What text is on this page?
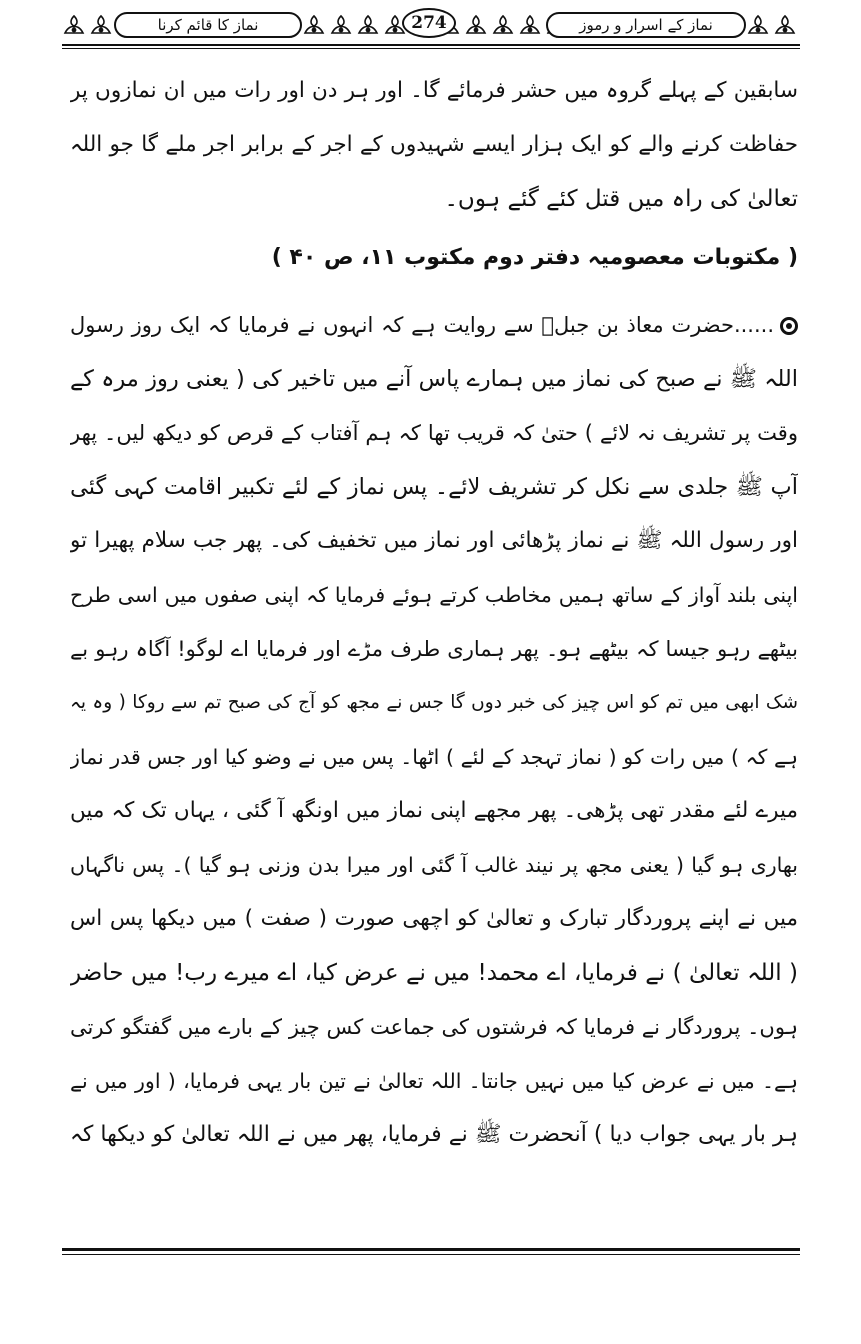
نماز کے اسرار و رموز
نماز کا قائم کرنا	274
سابقین کے پہلے گروہ میں حشر فرمائے گا۔ اور ہر دن اور رات میں ان نمازوں پر
حفاظت کرنے والے کو ایک ہزار ایسے شہیدوں کے اجر کے برابر اجر ملے گا جو اللہ
تعالیٰ کی راہ میں قتل کئے گئے ہوں۔
( مکتوبات معصومیہ دفتر دوم مکتوب ۱۱، ص ۴۰ )
......حضرت معاذ بن جبلؓ سے روایت ہے کہ انہوں نے فرمایا کہ ایک روز رسول
اللہ ﷺ نے صبح کی نماز میں ہمارے پاس آنے میں تاخیر کی ( یعنی روز مرہ کے
وقت پر تشریف نہ لائے ) حتیٰ کہ قریب تھا کہ ہم آفتاب کے قرص کو دیکھ لیں۔ پھر
آپ ﷺ جلدی سے نکل کر تشریف لائے۔ پس نماز کے لئے تکبیر اقامت کہی گئی
اور رسول اللہ ﷺ نے نماز پڑھائی اور نماز میں تخفیف کی۔ پھر جب سلام پھیرا تو
اپنی بلند آواز کے ساتھ ہمیں مخاطب کرتے ہوئے فرمایا کہ اپنی صفوں میں اسی طرح
بیٹھے رہو جیسا کہ بیٹھے ہو۔ پھر ہماری طرف مڑے اور فرمایا اے لوگو! آگاہ رہو بے
شک ابھی میں تم کو اس چیز کی خبر دوں گا جس نے مجھ کو آج کی صبح تم سے روکا ( وہ یہ
ہے کہ ) میں رات کو ( نماز تہجد کے لئے ) اٹھا۔ پس میں نے وضو کیا اور جس قدر نماز
میرے لئے مقدر تھی پڑھی۔ پھر مجھے اپنی نماز میں اونگھ آ گئی ، یہاں تک کہ میں
بھاری ہو گیا ( یعنی مجھ پر نیند غالب آ گئی اور میرا بدن وزنی ہو گیا )۔ پس ناگہاں
میں نے اپنے پروردگار تبارک و تعالیٰ کو اچھی صورت ( صفت ) میں دیکھا پس اس
( اللہ تعالیٰ ) نے فرمایا، اے محمد! میں نے عرض کیا، اے میرے رب! میں حاضر
ہوں۔ پروردگار نے فرمایا کہ فرشتوں کی جماعت کس چیز کے بارے میں گفتگو کرتی
ہے۔ میں نے عرض کیا میں نہیں جانتا۔ اللہ تعالیٰ نے تین بار یہی فرمایا، ( اور میں نے
ہر بار یہی جواب دیا ) آنحضرت ﷺ نے فرمایا، پھر میں نے اللہ تعالیٰ کو دیکھا کہ
